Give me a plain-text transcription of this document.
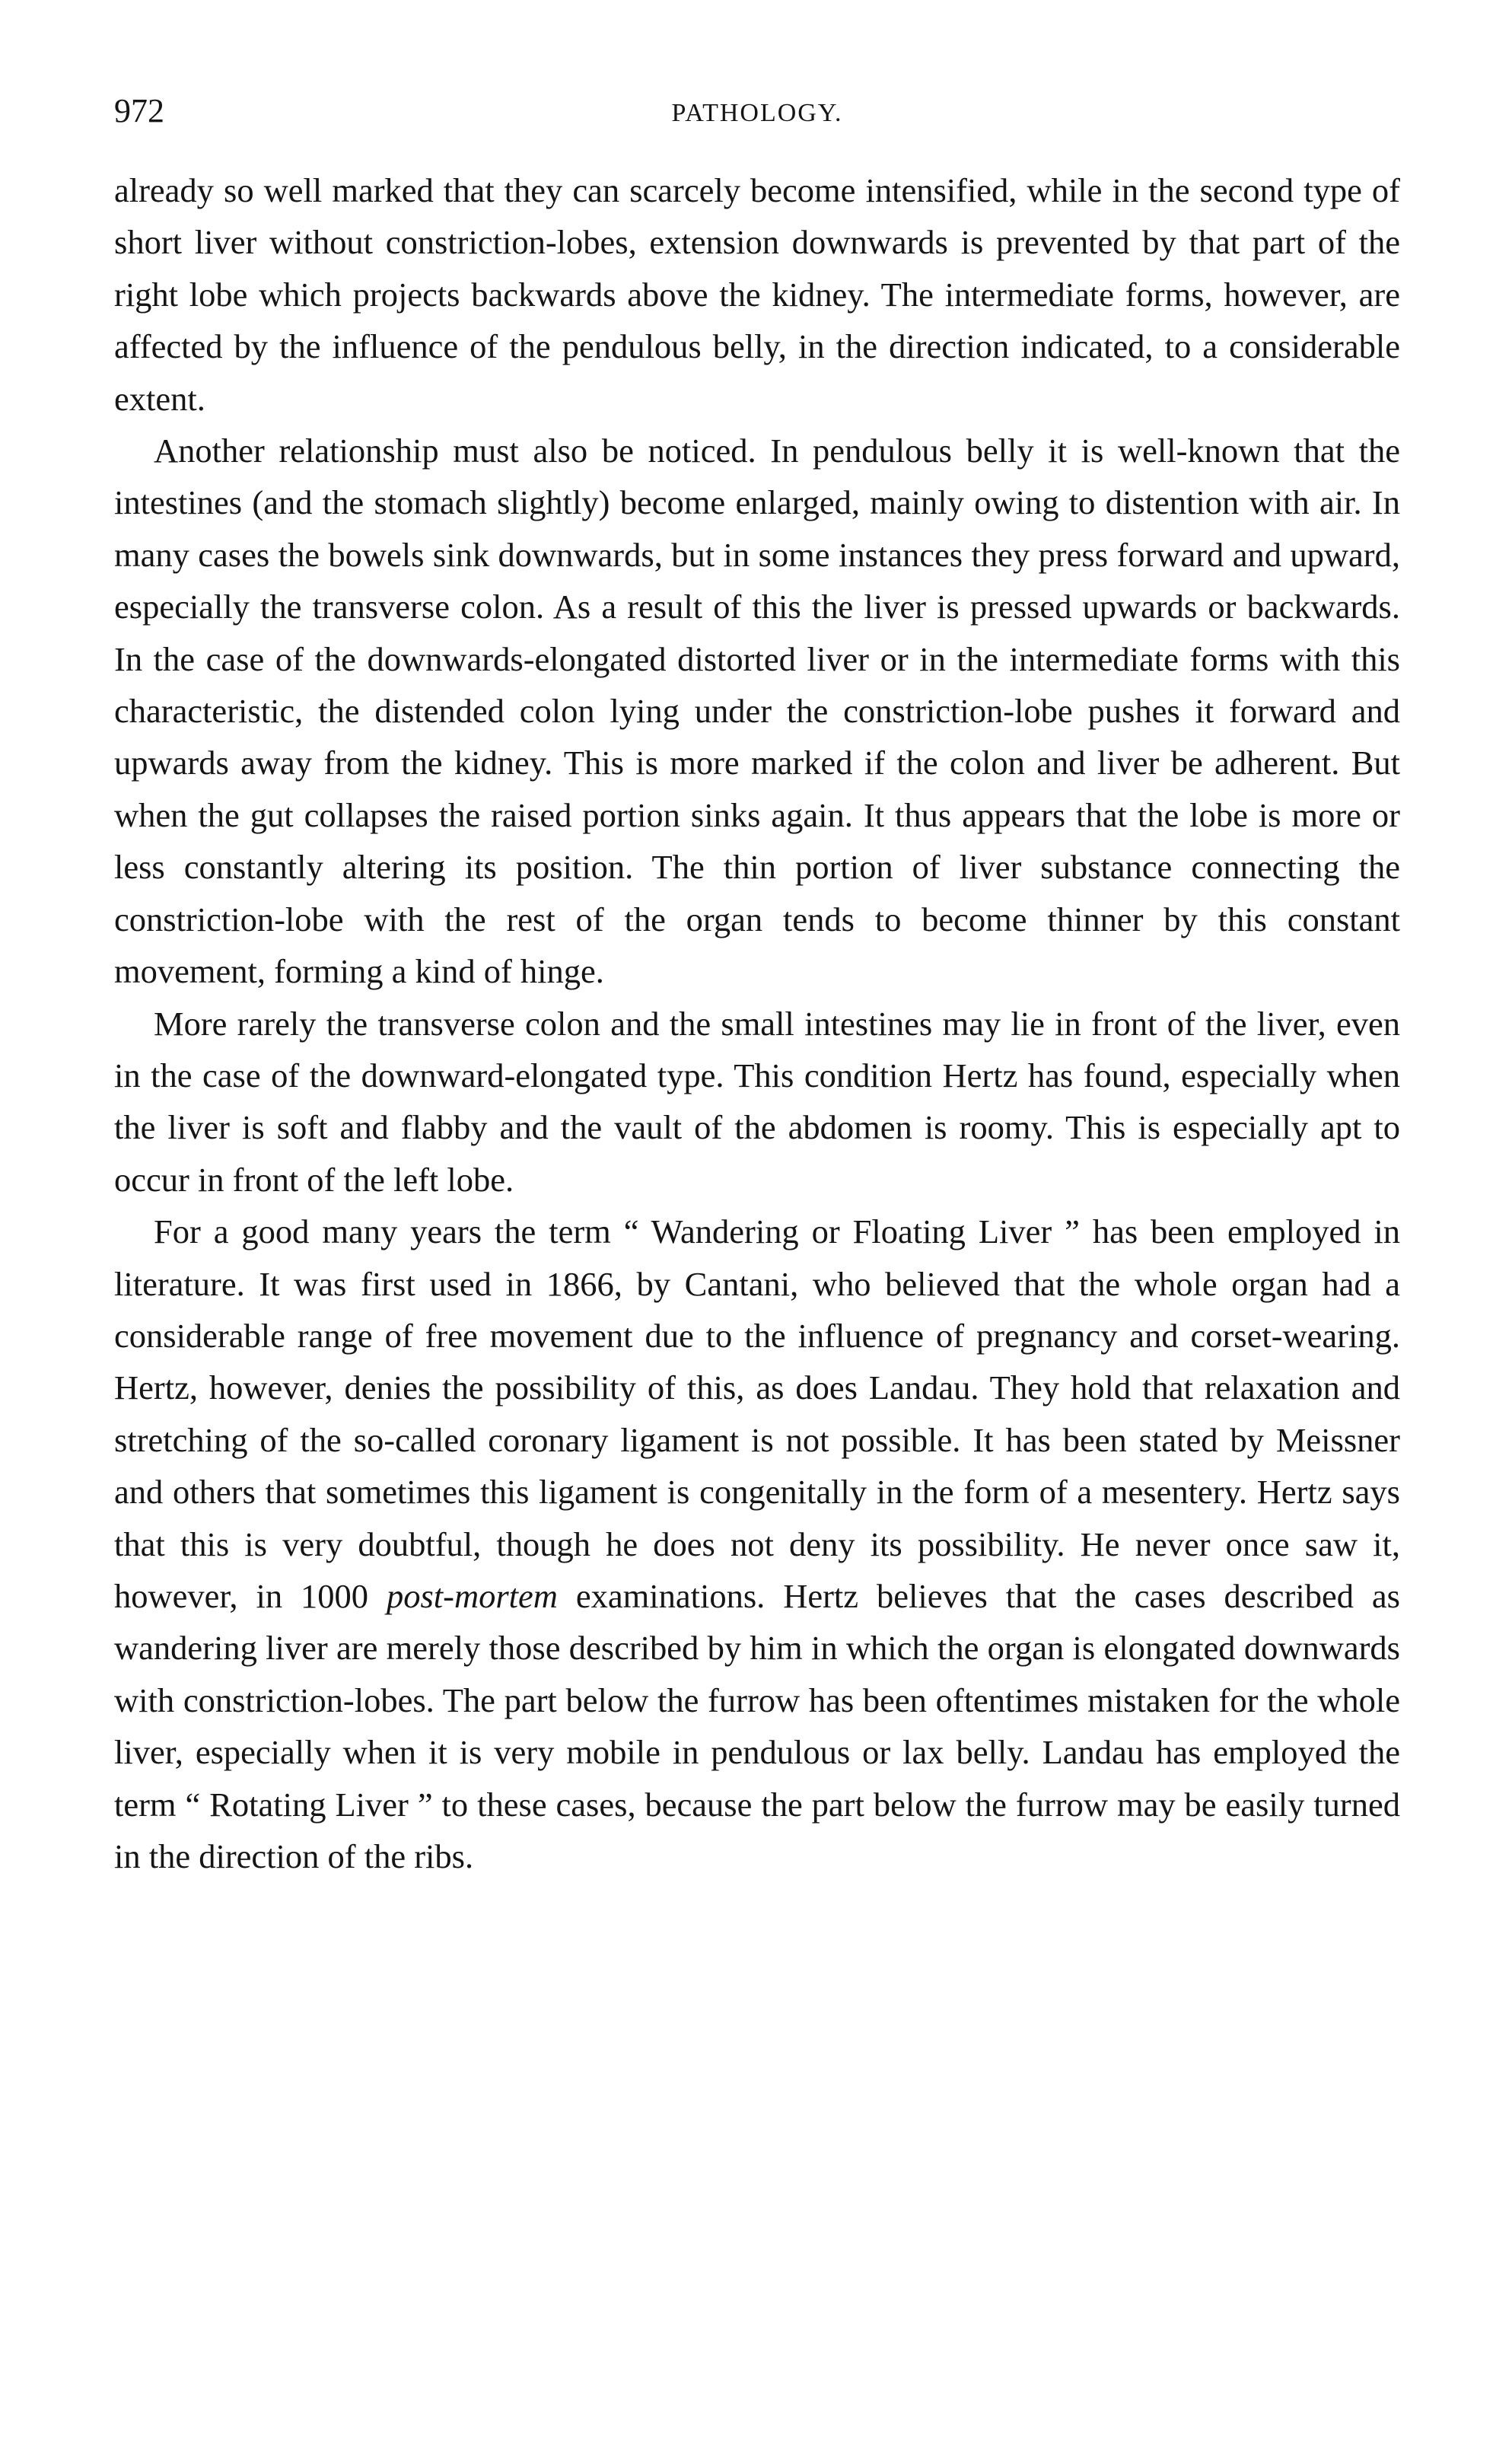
972	PATHOLOGY.

already so well marked that they can scarcely become intensified, while in the second type of short liver without constriction-lobes, extension downwards is prevented by that part of the right lobe which projects backwards above the kidney. The intermediate forms, however, are affected by the influence of the pendulous belly, in the direction indicated, to a considerable extent.

Another relationship must also be noticed. In pendulous belly it is well-known that the intestines (and the stomach slightly) become enlarged, mainly owing to distention with air. In many cases the bowels sink downwards, but in some instances they press forward and upward, especially the transverse colon. As a result of this the liver is pressed upwards or backwards. In the case of the downwards-elongated distorted liver or in the intermediate forms with this characteristic, the distended colon lying under the constriction-lobe pushes it forward and upwards away from the kidney. This is more marked if the colon and liver be adherent. But when the gut collapses the raised portion sinks again. It thus appears that the lobe is more or less constantly altering its position. The thin portion of liver substance connecting the constriction-lobe with the rest of the organ tends to become thinner by this constant movement, forming a kind of hinge.

More rarely the transverse colon and the small intestines may lie in front of the liver, even in the case of the downward-elongated type. This condition Hertz has found, especially when the liver is soft and flabby and the vault of the abdomen is roomy. This is especially apt to occur in front of the left lobe.

For a good many years the term “ Wandering or Floating Liver ” has been employed in literature. It was first used in 1866, by Cantani, who believed that the whole organ had a considerable range of free movement due to the influence of pregnancy and corset-wearing. Hertz, however, denies the possibility of this, as does Landau. They hold that relaxation and stretching of the so-called coronary ligament is not possible. It has been stated by Meissner and others that sometimes this ligament is congenitally in the form of a mesentery. Hertz says that this is very doubtful, though he does not deny its possibility. He never once saw it, however, in 1000 post-mortem examinations. Hertz believes that the cases described as wandering liver are merely those described by him in which the organ is elongated downwards with constriction-lobes. The part below the furrow has been oftentimes mistaken for the whole liver, especially when it is very mobile in pendulous or lax belly. Landau has employed the term “ Rotating Liver ” to these cases, because the part below the furrow may be easily turned in the direction of the ribs.
